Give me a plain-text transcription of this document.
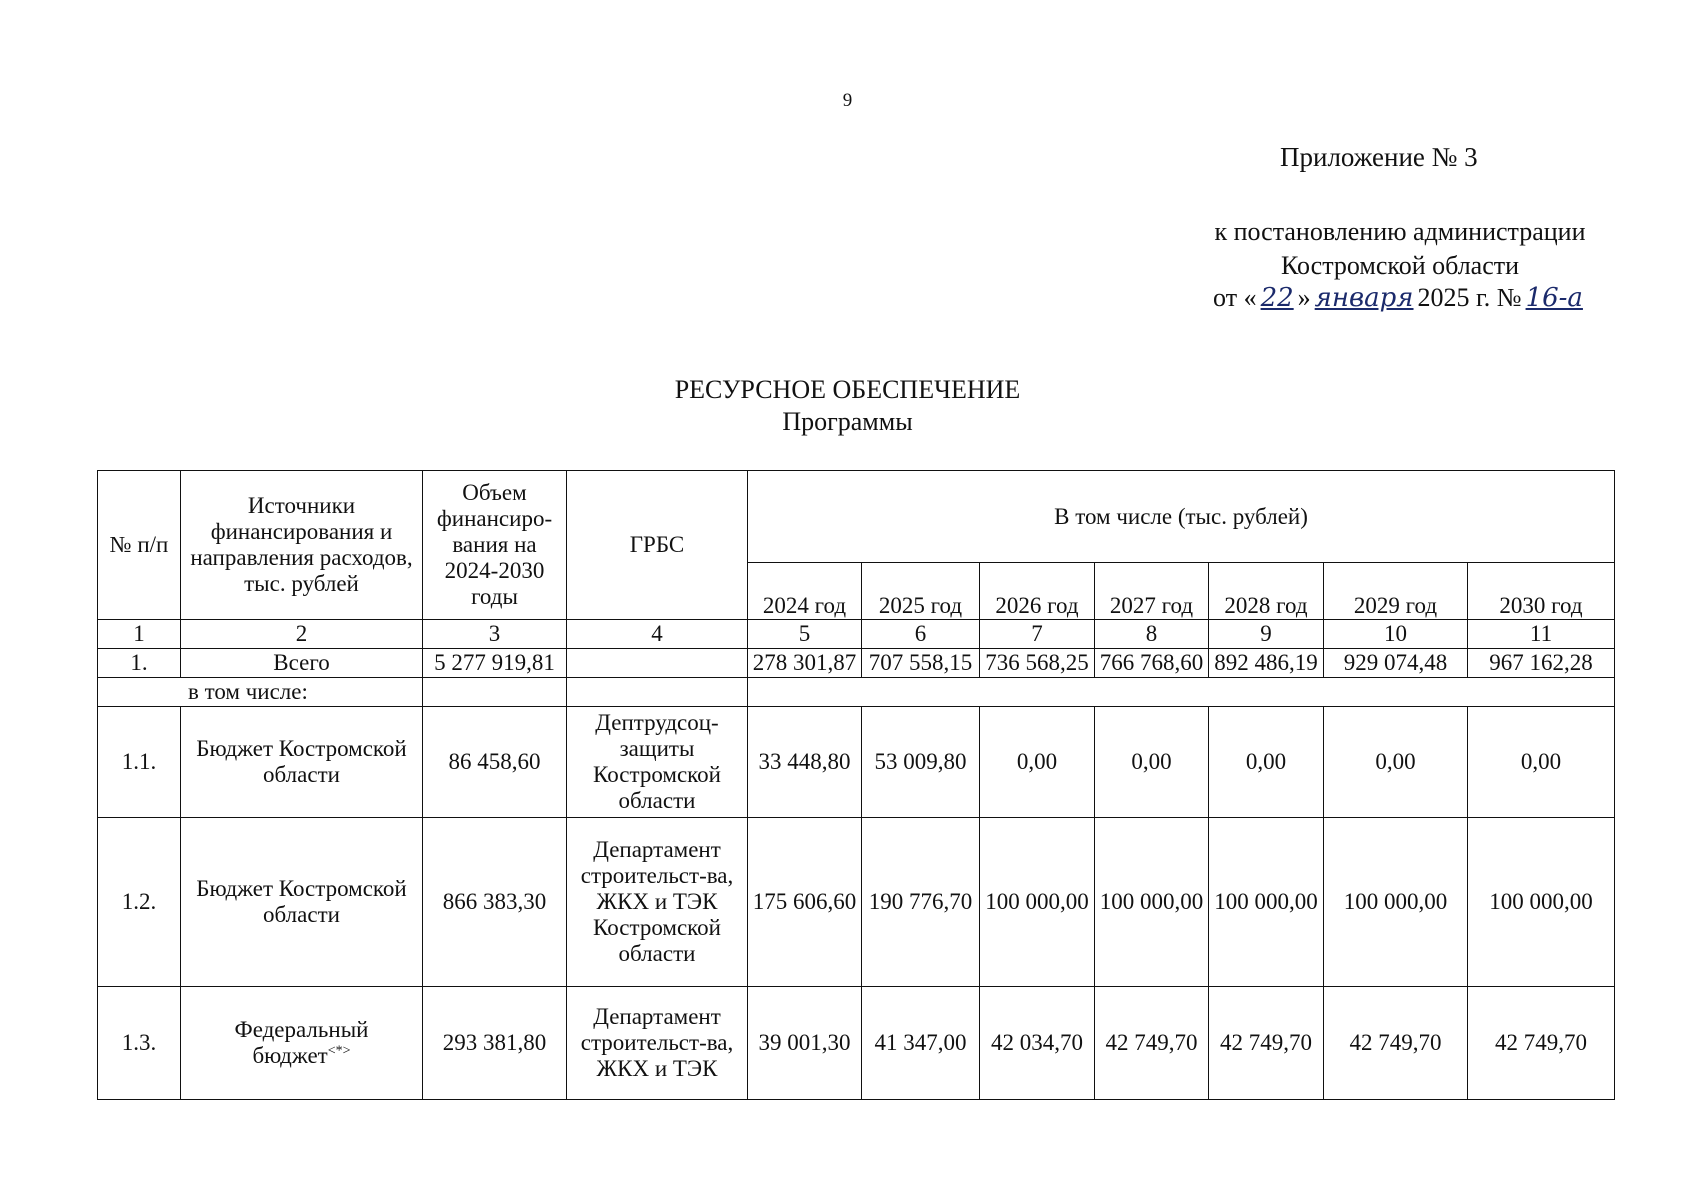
9
Приложение № 3
к постановлению администрации
Костромской области
от « 22 » января 2025 г. № 16-а
РЕСУРСНОЕ ОБЕСПЕЧЕНИЕ
Программы
№ п/п	Источники финансирования и направления расходов, тыс. рублей	Объем финансиро-вания на 2024-2030 годы	ГРБС	В том числе (тыс. рублей)						
				2024 год	2025 год	2026 год	2027 год	2028 год	2029 год	2030 год
1	2	3	4	5	6	7	8	9	10	11
1.	Всего	5 277 919,81		278 301,87	707 558,15	736 568,25	766 768,60	892 486,19	929 074,48	967 162,28
в том числе:										
1.1.	Бюджет Костромской области	86 458,60	Дептрудсоц-защиты Костромской области	33 448,80	53 009,80	0,00	0,00	0,00	0,00	0,00
1.2.	Бюджет Костромской области	866 383,30	Департамент строительст-ва, ЖКХ и ТЭК Костромской области	175 606,60	190 776,70	100 000,00	100 000,00	100 000,00	100 000,00	100 000,00
1.3.	Федеральный бюджет<*>	293 381,80	Департамент строительст-ва, ЖКХ и ТЭК	39 001,30	41 347,00	42 034,70	42 749,70	42 749,70	42 749,70	42 749,70
